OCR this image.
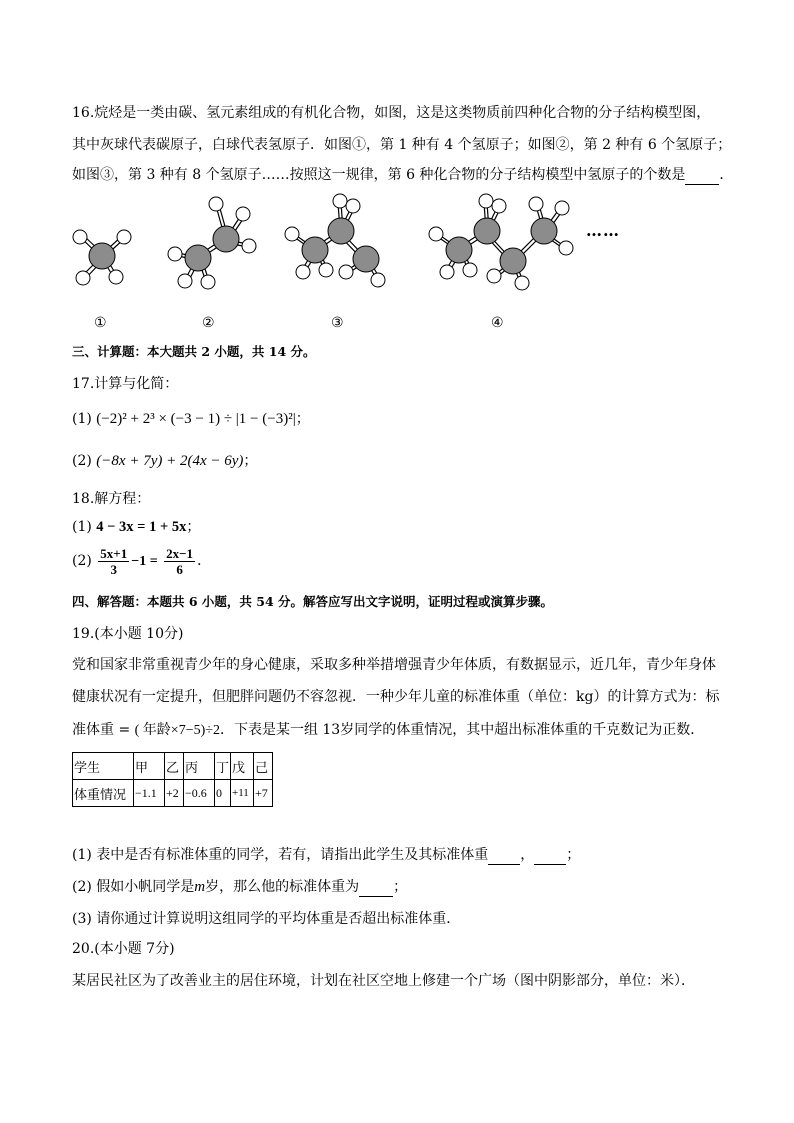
16.烷烃是一类由碳、氢元素组成的有机化合物，如图，这是这类物质前四种化合物的分子结构模型图，
其中灰球代表碳原子，白球代表氢原子．如图①，第 1 种有 4 个氢原子；如图②，第 2 种有 6 个氢原子；
如图③，第 3 种有 8 个氢原子……按照这一规律，第 6 种化合物的分子结构模型中氢原子的个数是 ．
……
①	②	③	④
三、计算题：本大题共 2 小题，共 14 分。
17.计算与化简：
(1) (−2)² + 2³ × (−3 − 1) ÷ |1 − (−3)²|；
(2) (−8x + 7y) + 2(4x − 6y)；
18.解方程：
(1) 4 − 3x = 1 + 5x；
$(2) \frac{5x+1}{3} -1 = \frac{2x-1}{6}$ ．
四、解答题：本题共 6 小题，共 54 分。解答应写出文字说明，证明过程或演算步骤。
19.(本小题 10分)
党和国家非常重视青少年的身心健康，采取多种举措增强青少年体质，有数据显示，近几年，青少年身体
健康状况有一定提升，但肥胖问题仍不容忽视．一种少年儿童的标准体重（单位：kg）的计算方式为：标
准体重 = ( 年龄×7−5)÷2．下表是某一组 13岁同学的体重情况，其中超出标准体重的千克数记为正数．
学生	甲	乙	丙	丁	戊	己
体重情况	−1.1	+2	−0.6	0	+11	+7
(1) 表中是否有标准体重的同学，若有，请指出此学生及其标准体重 ， ；
(2) 假如小帆同学是m岁，那么他的标准体重为 ；
(3) 请你通过计算说明这组同学的平均体重是否超出标准体重．
20.(本小题 7分)
某居民社区为了改善业主的居住环境，计划在社区空地上修建一个广场（图中阴影部分，单位：米）．
